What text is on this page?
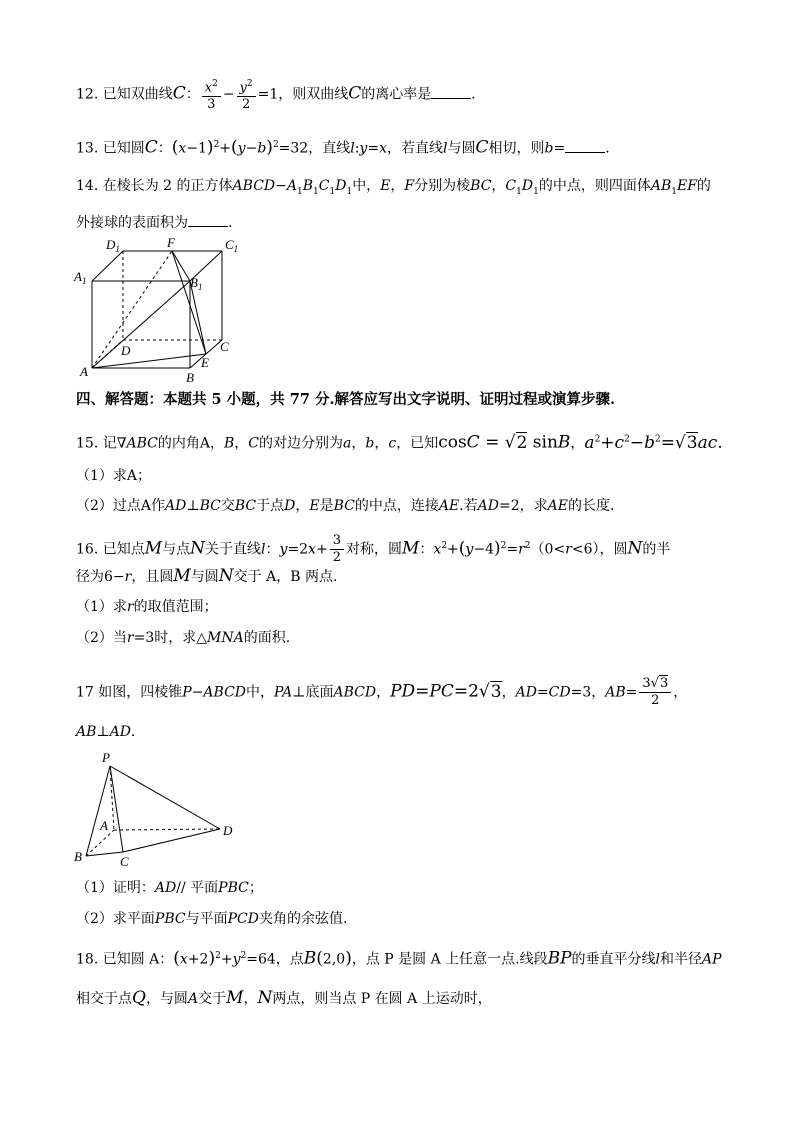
12. 已知双曲线C： $\frac{x^2}{3} - \frac{y^2}{2} =1$，则双曲线C的离心率是	.
13. 已知圆C：$(x-1)^2+(y-b)^2=32$，直线l:y=x，若直线l与圆C相切，则b=	.
14. 在棱长为 2 的正方体$ABCD-A_1B_1C_1D_1$中，E，F分别为棱BC，$C_1D_1$的中点，则四面体$AB_1EF$的
外接球的表面积为	.
$D_1$	F	$C_1$
$A_1$	$B_1$
D	C
E
A	B
四、解答题：本题共 5 小题，共 77 分.解答应写出文字说明、证明过程或演算步骤.
15. 记∇ABC的内角A，B，C的对边分别为a，b，c，已知cosC = √2 sinB，$a^2+c^2-b^2=√3ac$.
（1）求A；
（2）过点A作AD⊥BC交BC于点D，E是BC的中点，连接AE.若AD=2，求AE的长度.
16. 已知点M与点N关于直线l：$y=2x+ \frac{3}{2}$ 对称，圆M：$x^2+(y-4)^2=r^2(0<r<6)$，圆N的半
径为6−r，且圆M与圆N交于 A，B 两点.
（1）求r的取值范围；
（2）当r=3时，求△MNA的面积.
17 如图，四棱锥P−ABCD中，PA⊥底面ABCD，PD=PC=2√3，AD=CD=3，$AB= \frac{3√3}{2}$ ，
AB⊥AD.
P
A	D
B	C
（1）证明：AD// 平面PBC；
（2）求平面PBC与平面PCD夹角的余弦值.
18. 已知圆 A：$(x+2)^2+y^2=64$，点B(2,0)，点 P 是圆 A 上任意一点.线段BP的垂直平分线l和半径AP
相交于点Q，与圆A交于M，N两点，则当点 P 在圆 A 上运动时，
